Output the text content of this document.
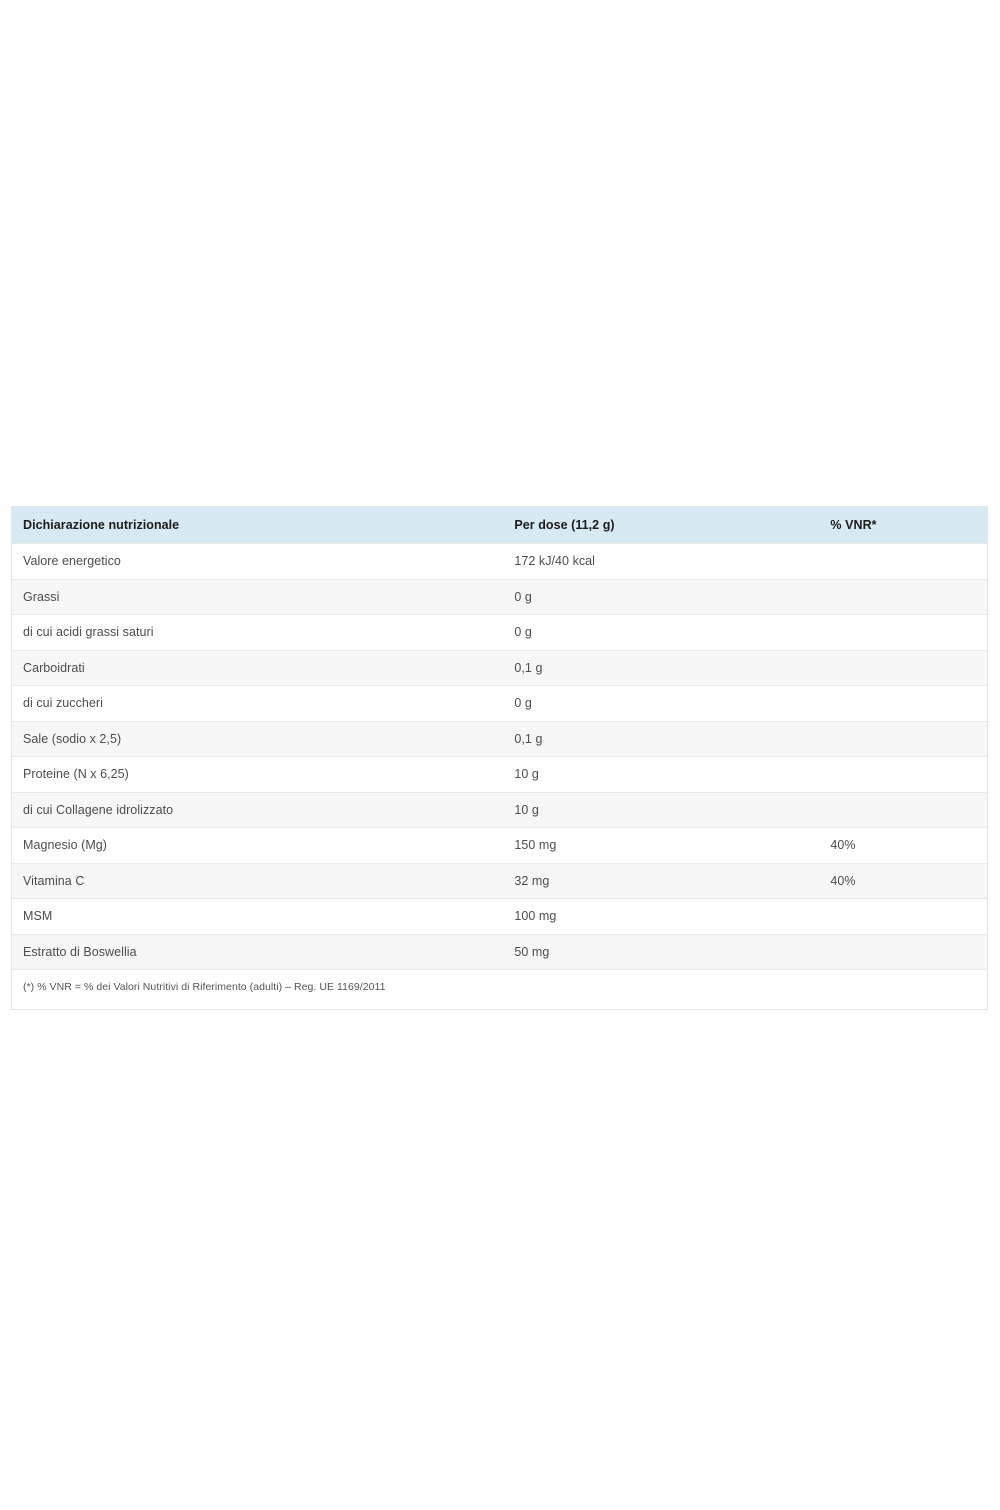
Dichiarazione nutrizionale	Per dose (11,2 g)	% VNR*
Valore energetico	172 kJ/40 kcal	
Grassi	0 g	
di cui acidi grassi saturi	0 g	
Carboidrati	0,1 g	
di cui zuccheri	0 g	
Sale (sodio x 2,5)	0,1 g	
Proteine (N x 6,25)	10 g	
di cui Collagene idrolizzato	10 g	
Magnesio (Mg)	150 mg	40%
Vitamina C	32 mg	40%
MSM	100 mg	
Estratto di Boswellia	50 mg	

(*) % VNR = % dei Valori Nutritivi di Riferimento (adulti) – Reg. UE 1169/2011		
